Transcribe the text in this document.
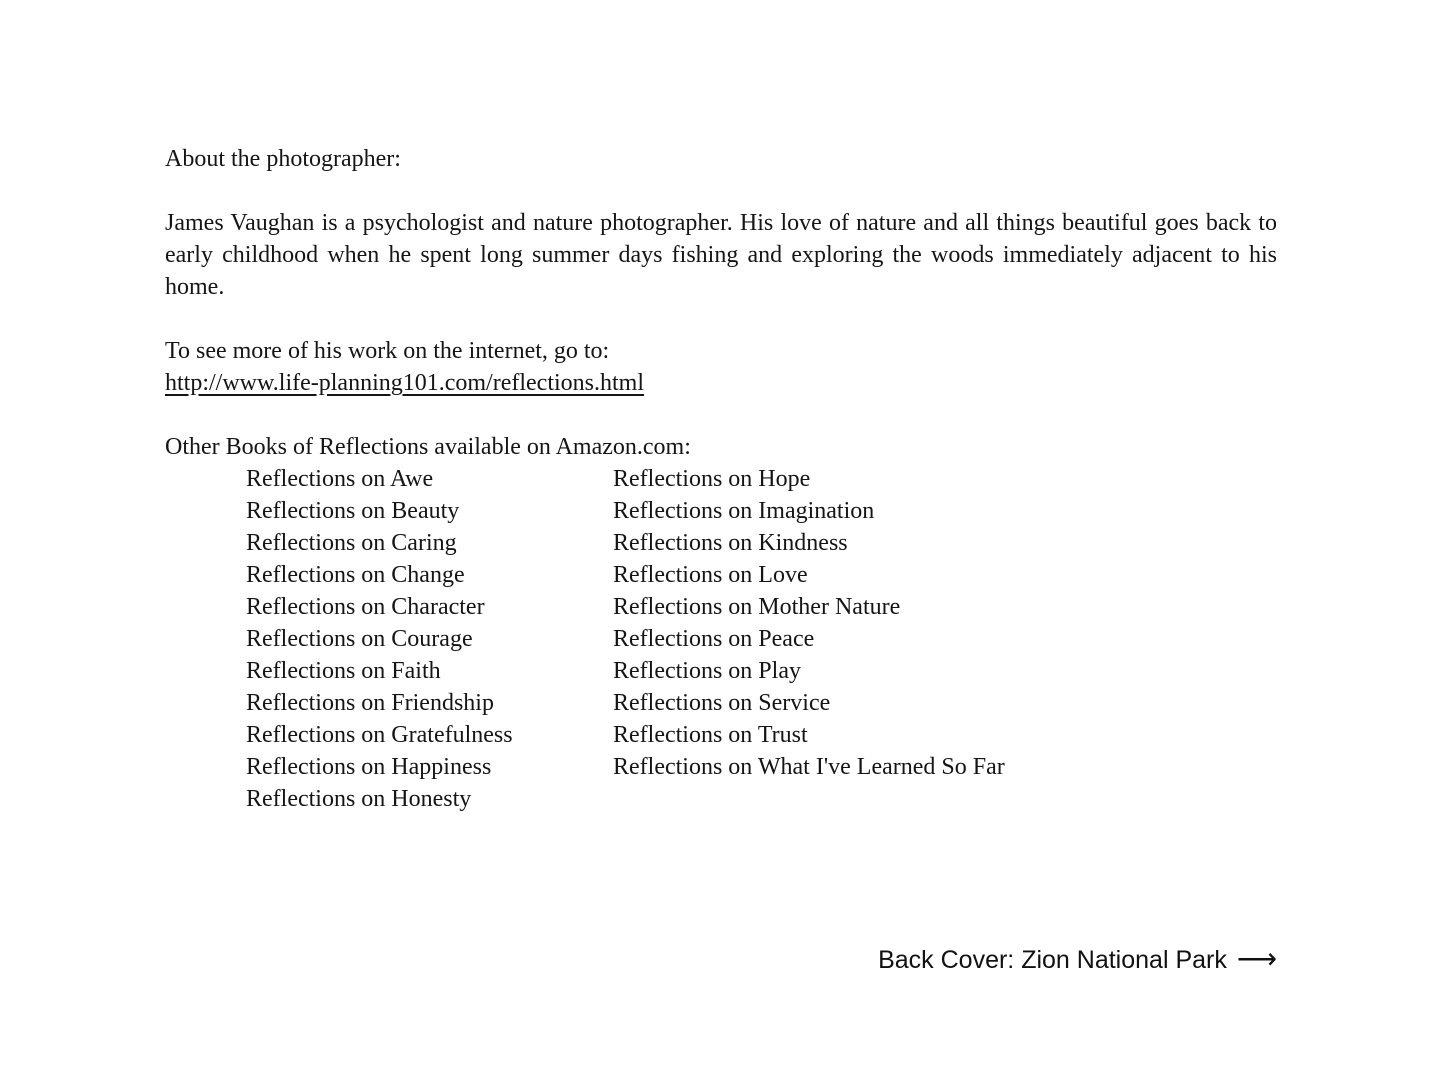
About the photographer:
James Vaughan is a psychologist and nature photographer. His love of nature and all things beautiful goes back to early childhood when he spent long summer days fishing and exploring the woods immediately adjacent to his home.
To see more of his work on the internet, go to:
http://www.life-planning101.com/reflections.html
Other Books of Reflections available on Amazon.com:
Reflections on Awe
Reflections on Beauty
Reflections on Caring
Reflections on Change
Reflections on Character
Reflections on Courage
Reflections on Faith
Reflections on Friendship
Reflections on Gratefulness
Reflections on Happiness
Reflections on Honesty
Reflections on Hope
Reflections on Imagination
Reflections on Kindness
Reflections on Love
Reflections on Mother Nature
Reflections on Peace
Reflections on Play
Reflections on Service
Reflections on Trust
Reflections on What I've Learned So Far
Back Cover: Zion National Park ⟶
